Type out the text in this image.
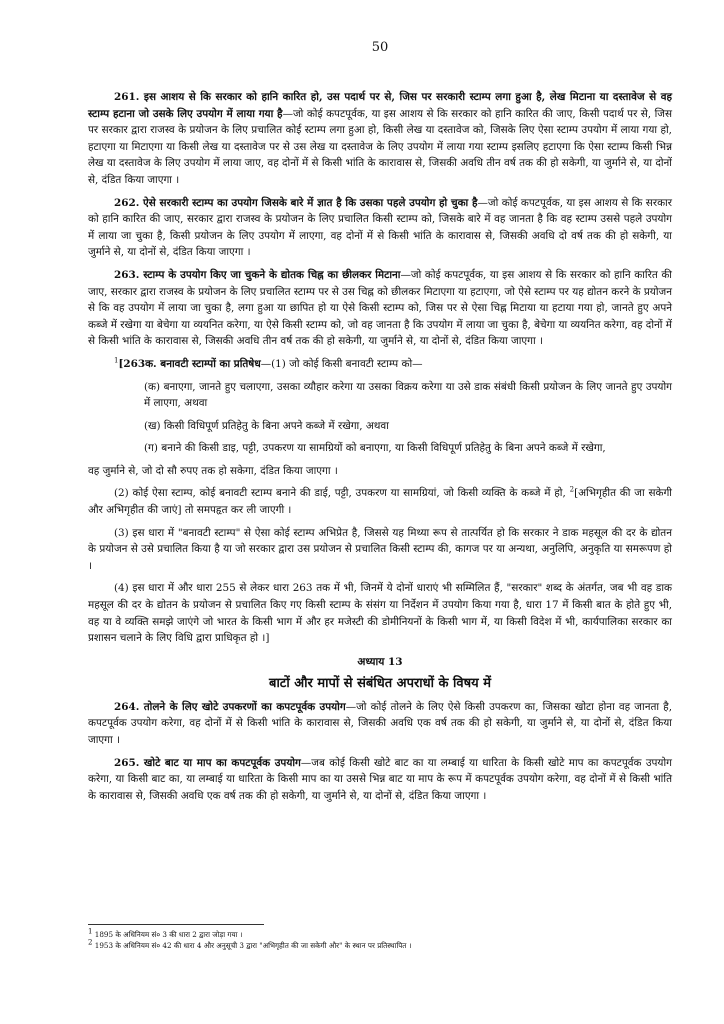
50

261. इस आशय से कि सरकार को हानि कारित हो, उस पदार्थ पर से, जिस पर सरकारी स्टाम्प लगा हुआ है, लेख मिटाना या दस्तावेज से वह स्टाम्प हटाना जो उसके लिए उपयोग में लाया गया है—जो कोई कपटपूर्वक, या इस आशय से कि सरकार को हानि कारित की जाए, किसी पदार्थ पर से, जिस पर सरकार द्वारा राजस्व के प्रयोजन के लिए प्रचालित कोई स्टाम्प लगा हुआ हो, किसी लेख या दस्तावेज को, जिसके लिए ऐसा स्टाम्प उपयोग में लाया गया हो, हटाएगा या मिटाएगा या किसी लेख या दस्तावेज पर से उस लेख या दस्तावेज के लिए उपयोग में लाया गया स्टाम्प इसलिए हटाएगा कि ऐसा स्टाम्प किसी भिन्न लेख या दस्तावेज के लिए उपयोग में लाया जाए, वह दोनों में से किसी भांति के कारावास से, जिसकी अवधि तीन वर्ष तक की हो सकेगी, या जुर्माने से, या दोनों से, दंडित किया जाएगा ।

262. ऐसे सरकारी स्टाम्प का उपयोग जिसके बारे में ज्ञात है कि उसका पहले उपयोग हो चुका है—जो कोई कपटपूर्वक, या इस आशय से कि सरकार को हानि कारित की जाए, सरकार द्वारा राजस्व के प्रयोजन के लिए प्रचालित किसी स्टाम्प को, जिसके बारे में वह जानता है कि वह स्टाम्प उससे पहले उपयोग में लाया जा चुका है, किसी प्रयोजन के लिए उपयोग में लाएगा, वह दोनों में से किसी भांति के कारावास से, जिसकी अवधि दो वर्ष तक की हो सकेगी, या जुर्माने से, या दोनों से, दंडित किया जाएगा ।

263. स्टाम्प के उपयोग किए जा चुकने के द्योतक चिह्न का छीलकर मिटाना—जो कोई कपटपूर्वक, या इस आशय से कि सरकार को हानि कारित की जाए, सरकार द्वारा राजस्व के प्रयोजन के लिए प्रचालित स्टाम्प पर से उस चिह्न को छीलकर मिटाएगा या हटाएगा, जो ऐसे स्टाम्प पर यह द्योतन करने के प्रयोजन से कि वह उपयोग में लाया जा चुका है, लगा हुआ या छापित हो या ऐसे किसी स्टाम्प को, जिस पर से ऐसा चिह्न मिटाया या हटाया गया हो, जानते हुए अपने कब्जे में रखेगा या बेचेगा या व्ययनित करेगा, या ऐसे किसी स्टाम्प को, जो वह जानता है कि उपयोग में लाया जा चुका है, बेचेगा या व्ययनित करेगा, वह दोनों में से किसी भांति के कारावास से, जिसकी अवधि तीन वर्ष तक की हो सकेगी, या जुर्माने से, या दोनों से, दंडित किया जाएगा ।

$^1$[263क. बनावटी स्टाम्पों का प्रतिषेध—(1) जो कोई किसी बनावटी स्टाम्प को—

(क) बनाएगा, जानते हुए चलाएगा, उसका व्यौहार करेगा या उसका विक्रय करेगा या उसे डाक संबंधी किसी प्रयोजन के लिए जानते हुए उपयोग में लाएगा, अथवा

(ख) किसी विधिपूर्ण प्रतिहेतु के बिना अपने कब्जे में रखेगा, अथवा

(ग) बनाने की किसी डाइ, पट्टी, उपकरण या सामग्रियों को बनाएगा, या किसी विधिपूर्ण प्रतिहेतु के बिना अपने कब्जे में रखेगा,

वह जुर्माने से, जो दो सौ रुपए तक हो सकेगा, दंडित किया जाएगा ।

(2) कोई ऐसा स्टाम्प, कोई बनावटी स्टाम्प बनाने की डाई, पट्टी, उपकरण या सामग्रियां, जो किसी व्यक्ति के कब्जे में हो, $^2$[अभिगृहीत की जा सकेगी और अभिगृहीत की जाएं] तो समपहृत कर ली जाएगी ।

(3) इस धारा में "बनावटी स्टाम्प" से ऐसा कोई स्टाम्प अभिप्रेत है, जिससे यह मिथ्या रूप से तात्पर्यित हो कि सरकार ने डाक महसूल की दर के द्योतन के प्रयोजन से उसे प्रचालित किया है या जो सरकार द्वारा उस प्रयोजन से प्रचालित किसी स्टाम्प की, कागज पर या अन्यथा, अनुलिपि, अनुकृति या समरूपण हो ।

(4) इस धारा में और धारा 255 से लेकर धारा 263 तक में भी, जिनमें ये दोनों धाराएं भी सम्मिलित हैं, "सरकार" शब्द के अंतर्गत, जब भी वह डाक महसूल की दर के द्योतन के प्रयोजन से प्रचालित किए गए किसी स्टाम्प के संसंग या निर्देशन में उपयोग किया गया है, धारा 17 में किसी बात के होते हुए भी, वह या वे व्यक्ति समझे जाएंगे जो भारत के किसी भाग में और हर मजेस्टी की डोमीनियनों के किसी भाग में, या किसी विदेश में भी, कार्यपालिका सरकार का प्रशासन चलाने के लिए विधि द्वारा प्राधिकृत हो ।]

अध्याय 13
बाटों और मापों से संबंधित अपराधों के विषय में

264. तोलने के लिए खोटे उपकरणों का कपटपूर्वक उपयोग—जो कोई तोलने के लिए ऐसे किसी उपकरण का, जिसका खोटा होना वह जानता है, कपटपूर्वक उपयोग करेगा, वह दोनों में से किसी भांति के कारावास से, जिसकी अवधि एक वर्ष तक की हो सकेगी, या जुर्माने से, या दोनों से, दंडित किया जाएगा ।

265. खोटे बाट या माप का कपटपूर्वक उपयोग—जब कोई किसी खोटे बाट का या लम्बाई या धारिता के किसी खोटे माप का कपटपूर्वक उपयोग करेगा, या किसी बाट का, या लम्बाई या धारिता के किसी माप का या उससे भिन्न बाट या माप के रूप में कपटपूर्वक उपयोग करेगा, वह दोनों में से किसी भांति के कारावास से, जिसकी अवधि एक वर्ष तक की हो सकेगी, या जुर्माने से, या दोनों से, दंडित किया जाएगा ।

$^1$ 1895 के अधिनियम सं० 3 की धारा 2 द्वारा जोड़ा गया ।

$^2$ 1953 के अधिनियम सं० 42 की धारा 4 और अनुसूची 3 द्वारा "अभिगृहीत की जा सकेगी और" के स्थान पर प्रतिस्थापित ।
